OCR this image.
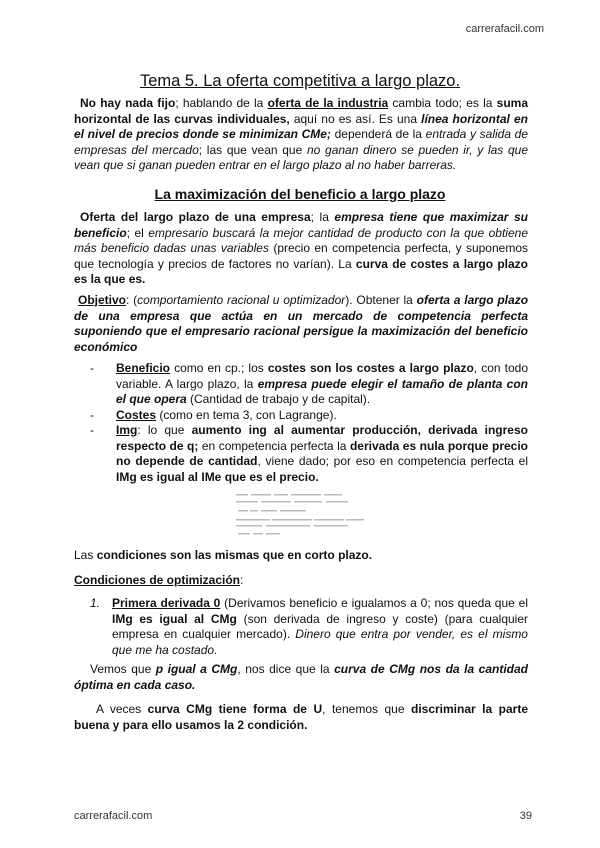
carrerafacil.com
Tema 5. La oferta competitiva a largo plazo.

No hay nada fijo; hablando de la oferta de la industria cambia todo; es la suma horizontal de las curvas individuales, aquí no es así. Es una línea horizontal en el nivel de precios donde se minimizan CMe; dependerá de la entrada y salida de empresas del mercado; las que vean que no ganan dinero se pueden ir, y las que vean que si ganan pueden entrar en el largo plazo al no haber barreras.

La maximización del beneficio a largo plazo

Oferta del largo plazo de una empresa; la empresa tiene que maximizar su beneficio; el empresario buscará la mejor cantidad de producto con la que obtiene más beneficio dadas unas variables (precio en competencia perfecta, y suponemos que tecnología y precios de factores no varían). La curva de costes a largo plazo es la que es.

Objetivo: (comportamiento racional u optimizador). Obtener la oferta a largo plazo de una empresa que actúa en un mercado de competencia perfecta suponiendo que el empresario racional persigue la maximización del beneficio económico

- Beneficio como en cp.; los costes son los costes a largo plazo, con todo variable. A largo plazo, la empresa puede elegir el tamaño de planta con el que opera (Cantidad de trabajo y de capital).
- Costes (como en tema 3, con Lagrange).
- Img: lo que aumento ing al aumentar producción, derivada ingreso respecto de q; en competencia perfecta la derivada es nula porque precio no depende de cantidad, viene dado; por eso en competencia perfecta el IMg es igual al IMe que es el precio.

Las condiciones son las mismas que en corto plazo.

Condiciones de optimización:

1. Primera derivada 0 (Derivamos beneficio e igualamos a 0; nos queda que el IMg es igual al CMg (son derivada de ingreso y coste) (para cualquier empresa en cualquier mercado). Dinero que entra por vender, es el mismo que me ha costado.

Vemos que p igual a CMg, nos dice que la curva de CMg nos da la cantidad óptima en cada caso.

A veces curva CMg tiene forma de U, tenemos que discriminar la parte buena y para ello usamos la 2 condición.

carrerafacil.com	39
